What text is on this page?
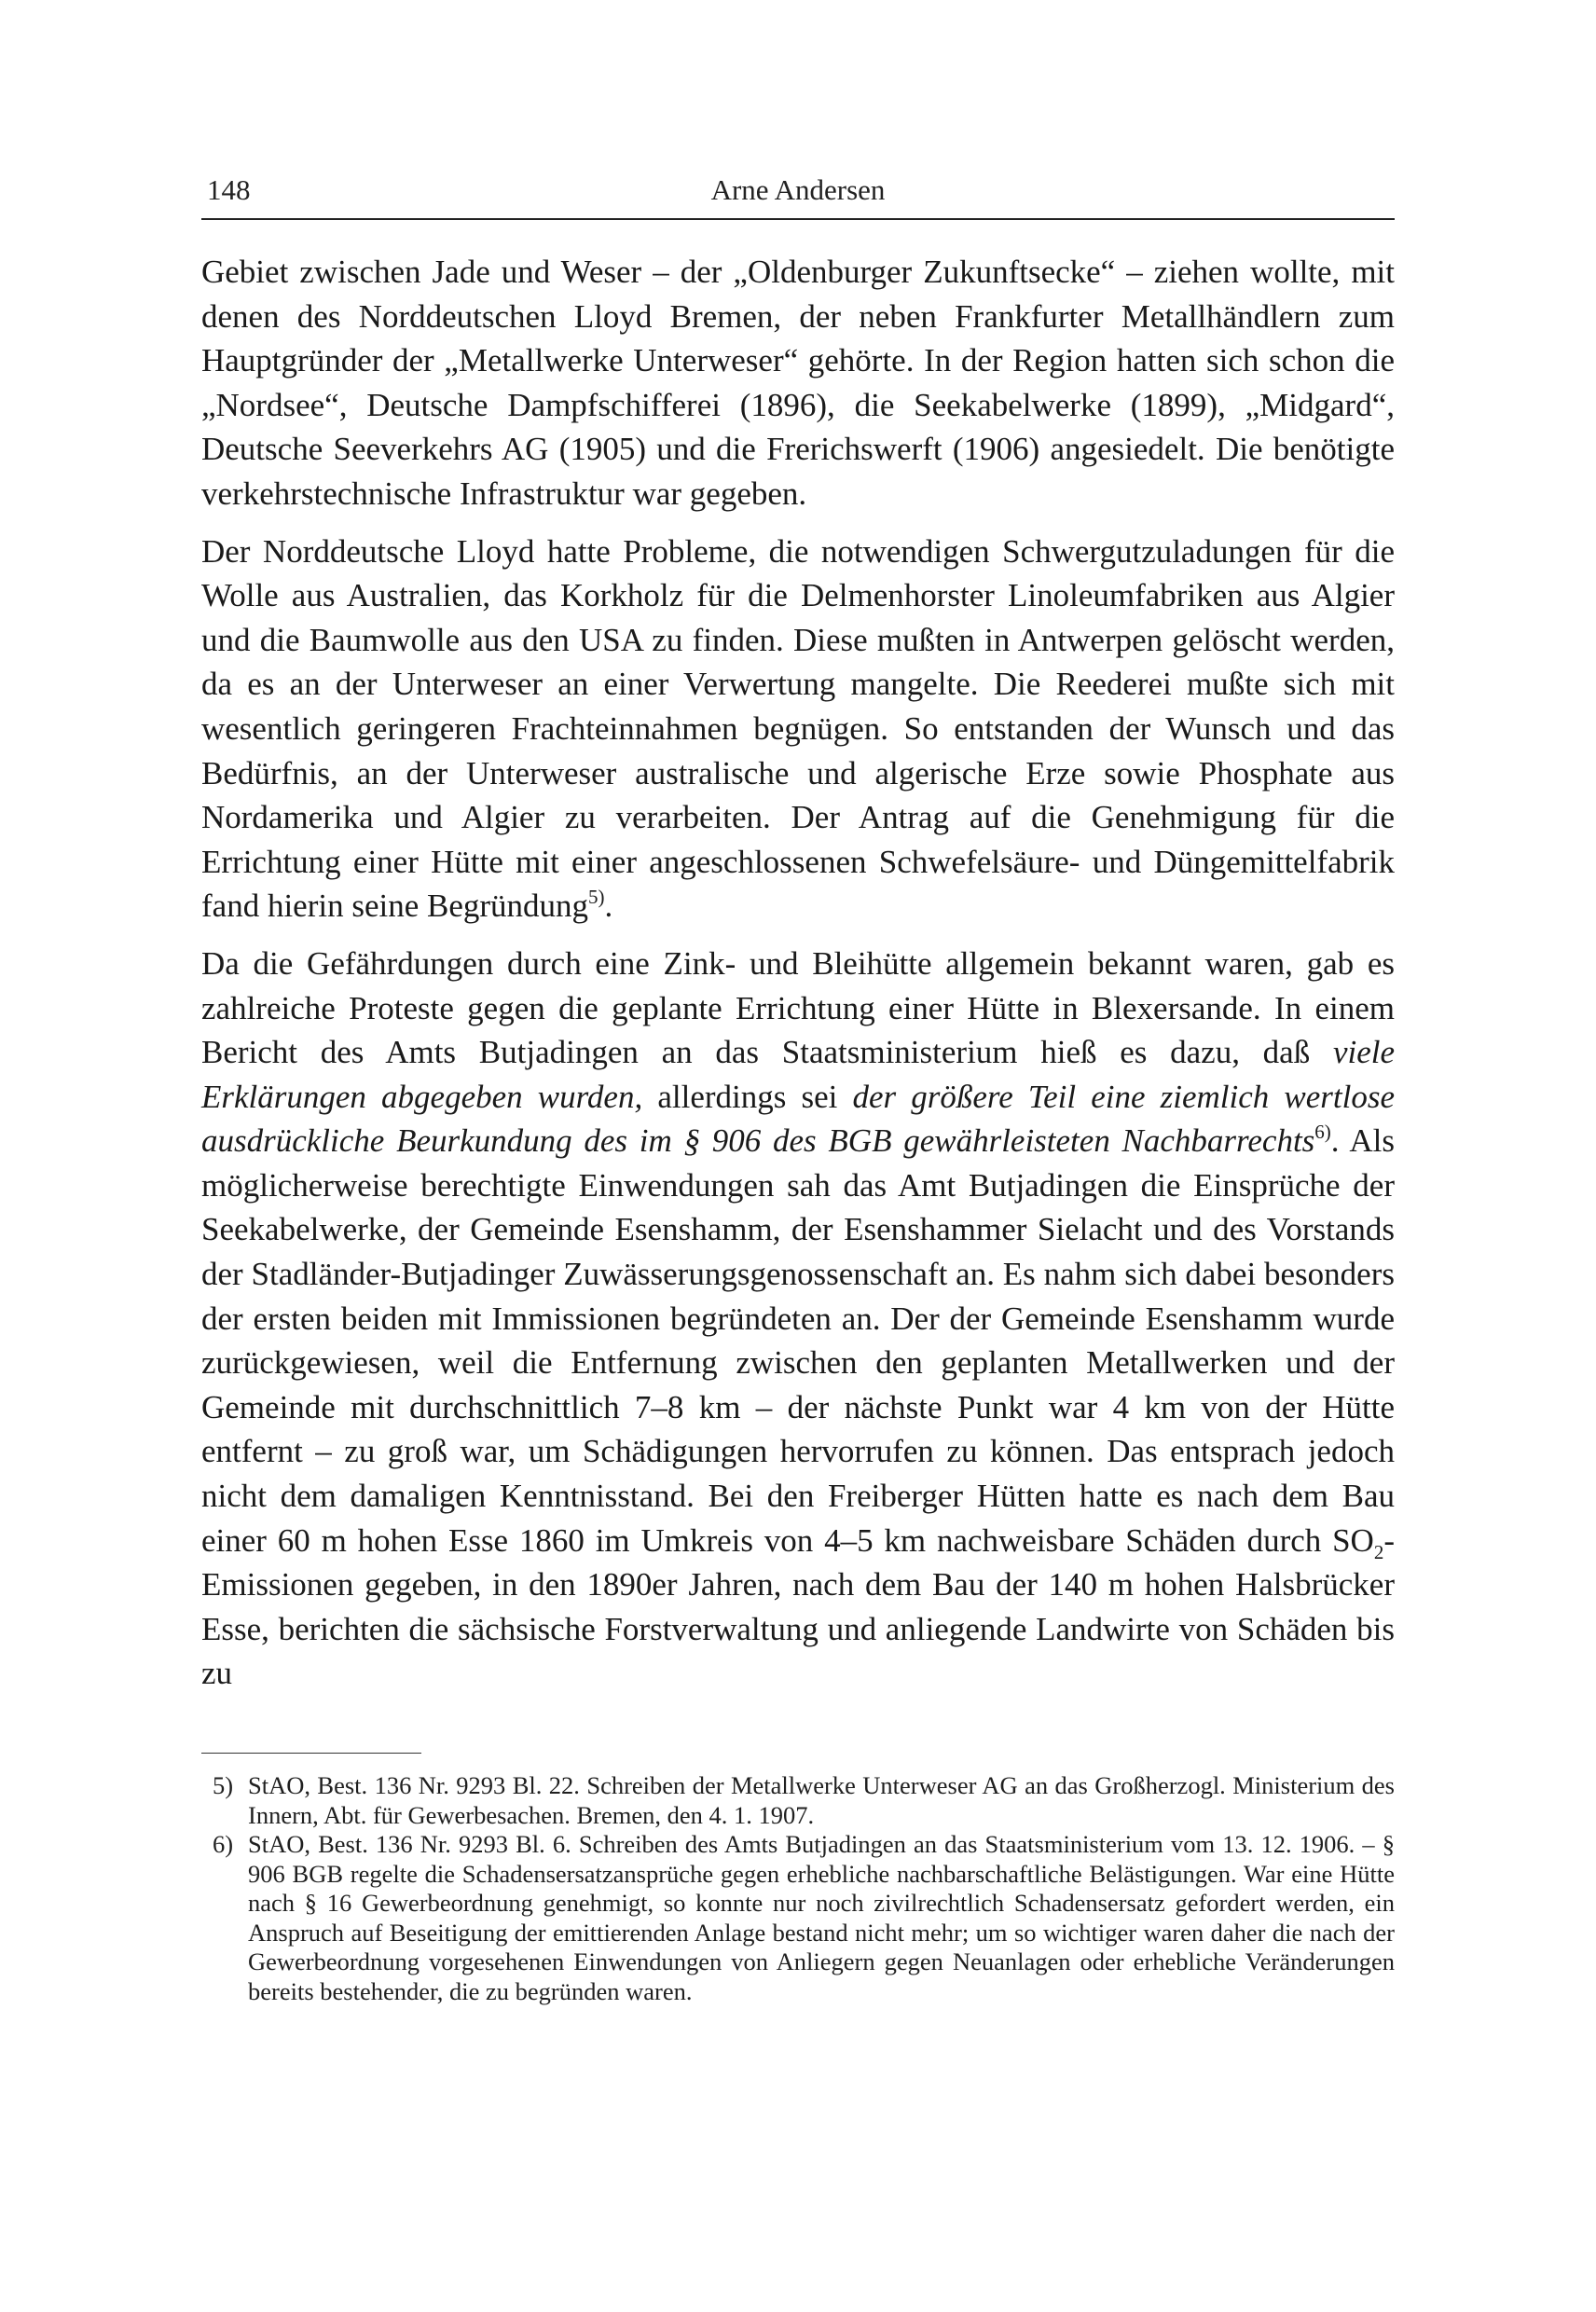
148	Arne Andersen

Gebiet zwischen Jade und Weser – der „Oldenburger Zukunftsecke“ – ziehen wollte, mit denen des Norddeutschen Lloyd Bremen, der neben Frankfurter Metallhändlern zum Hauptgründer der „Metallwerke Unterweser“ gehörte. In der Region hatten sich schon die „Nordsee“, Deutsche Dampfschifferei (1896), die Seekabelwerke (1899), „Midgard“, Deutsche Seeverkehrs AG (1905) und die Frerichswerft (1906) angesiedelt. Die benötigte verkehrstechnische Infrastruktur war gegeben.

Der Norddeutsche Lloyd hatte Probleme, die notwendigen Schwergutzuladungen für die Wolle aus Australien, das Korkholz für die Delmenhorster Linoleumfabriken aus Algier und die Baumwolle aus den USA zu finden. Diese mußten in Antwerpen gelöscht werden, da es an der Unterweser an einer Verwertung mangelte. Die Reederei mußte sich mit wesentlich geringeren Frachteinnahmen begnügen. So entstanden der Wunsch und das Bedürfnis, an der Unterweser australische und algerische Erze sowie Phosphate aus Nordamerika und Algier zu verarbeiten. Der Antrag auf die Genehmigung für die Errichtung einer Hütte mit einer angeschlossenen Schwefelsäure- und Düngemittelfabrik fand hierin seine Begründung$^{5)}$.

Da die Gefährdungen durch eine Zink- und Bleihütte allgemein bekannt waren, gab es zahlreiche Proteste gegen die geplante Errichtung einer Hütte in Blexersande. In einem Bericht des Amts Butjadingen an das Staatsministerium hieß es dazu, daß viele Erklärungen abgegeben wurden, allerdings sei der größere Teil eine ziemlich wertlose ausdrückliche Beurkundung des im § 906 des BGB gewährleisteten Nachbarrechts$^{6)}$. Als möglicherweise berechtigte Einwendungen sah das Amt Butjadingen die Einsprüche der Seekabelwerke, der Gemeinde Esenshamm, der Esenshammer Sielacht und des Vorstands der Stadländer-Butjadinger Zuwässerungsgenossenschaft an. Es nahm sich dabei besonders der ersten beiden mit Immissionen begründeten an. Der der Gemeinde Esenshamm wurde zurückgewiesen, weil die Entfernung zwischen den geplanten Metallwerken und der Gemeinde mit durchschnittlich 7–8 km – der nächste Punkt war 4 km von der Hütte entfernt – zu groß war, um Schädigungen hervorrufen zu können. Das entsprach jedoch nicht dem damaligen Kenntnisstand. Bei den Freiberger Hütten hatte es nach dem Bau einer 60 m hohen Esse 1860 im Umkreis von 4–5 km nachweisbare Schäden durch $SO_2$-Emissionen gegeben, in den 1890er Jahren, nach dem Bau der 140 m hohen Halsbrücker Esse, berichten die sächsische Forstverwaltung und anliegende Landwirte von Schäden bis zu

5) StAO, Best. 136 Nr. 9293 Bl. 22. Schreiben der Metallwerke Unterweser AG an das Großherzogl. Ministerium des Innern, Abt. für Gewerbesachen. Bremen, den 4. 1. 1907.

6) StAO, Best. 136 Nr. 9293 Bl. 6. Schreiben des Amts Butjadingen an das Staatsministerium vom 13. 12. 1906. – § 906 BGB regelte die Schadensersatzansprüche gegen erhebliche nachbarschaftliche Belästigungen. War eine Hütte nach § 16 Gewerbeordnung genehmigt, so konnte nur noch zivilrechtlich Schadensersatz gefordert werden, ein Anspruch auf Beseitigung der emittierenden Anlage bestand nicht mehr; um so wichtiger waren daher die nach der Gewerbeordnung vorgesehenen Einwendungen von Anliegern gegen Neuanlagen oder erhebliche Veränderungen bereits bestehender, die zu begründen waren.
